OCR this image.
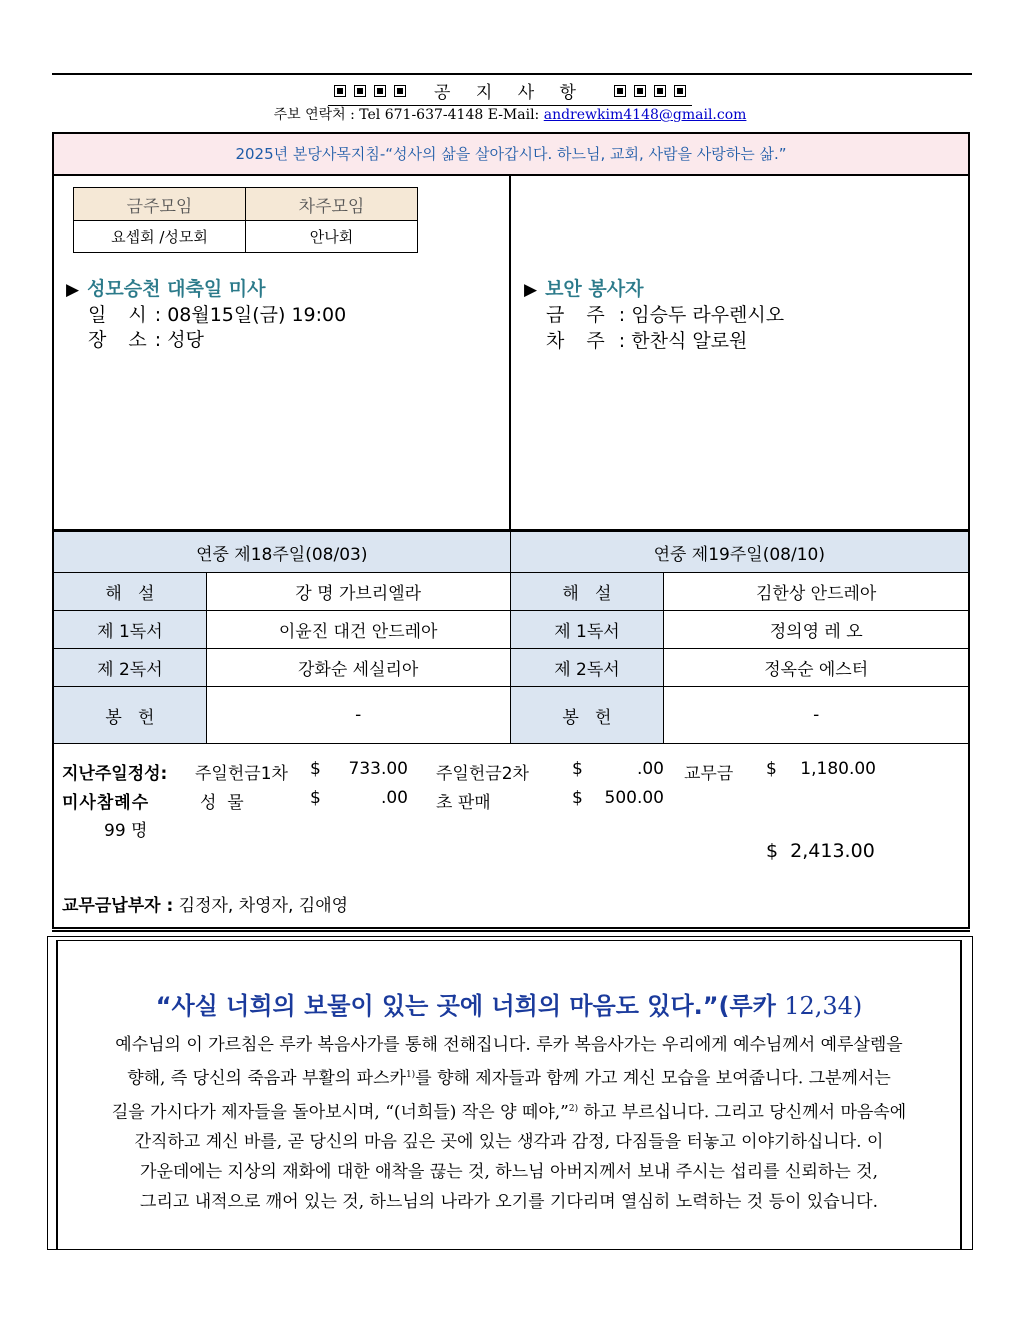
공 지 사 항
주보 연락처 : Tel 671-637-4148 E-Mail: andrewkim4148@gmail.com
2025년 본당사목지침-“성사의 삶을 살아갑시다. 하느님, 교회, 사람을 사랑하는 삶.”
금주모임	차주모임
요셉회 /성모회	안나회
▶ 성모승천 대축일 미사
일 시: 08월15일(금) 19:00
장 소: 성당
▶ 보안 봉사자
금 주 : 임승두 라우렌시오
차 주 : 한찬식 알로원
연중 제18주일(08/03)		연중 제19주일(08/10)	
해   설	강 명 가브리엘라	해   설	김한상 안드레아
제 1독서	이윤진 대건 안드레아	제 1독서	정의영 레 오
제 2독서	강화순 세실리아	제 2독서	정옥순 에스터
봉   헌	-	봉   헌	-
지난주일정성: 주일헌금1차 $	733.00 주일헌금2차	$	.00 교무금 $	1,180.00
미사참례수	성  물	$	.00 초 판매	$	500.00
99 명
$  2,413.00
교무금납부자 : 김정자, 차영자, 김애영
“사실 너희의 보물이 있는 곳에 너희의 마음도 있다.”(루카 12,34)
예수님의 이 가르침은 루카 복음사가를 통해 전해집니다. 루카 복음사가는 우리에게 예수님께서 예루살렘을
향해, 즉 당신의 죽음과 부활의 파스카$^{1)}$를 향해 제자들과 함께 가고 계신 모습을 보여줍니다. 그분께서는
길을 가시다가 제자들을 돌아보시며, “(너희들) 작은 양 떼야,”$^{2)}$ 하고 부르십니다. 그리고 당신께서 마음속에
간직하고 계신 바를, 곧 당신의 마음 깊은 곳에 있는 생각과 감정, 다짐들을 터놓고 이야기하십니다. 이
가운데에는 지상의 재화에 대한 애착을 끊는 것, 하느님 아버지께서 보내 주시는 섭리를 신뢰하는 것,
그리고 내적으로 깨어 있는 것, 하느님의 나라가 오기를 기다리며 열심히 노력하는 것 등이 있습니다.
